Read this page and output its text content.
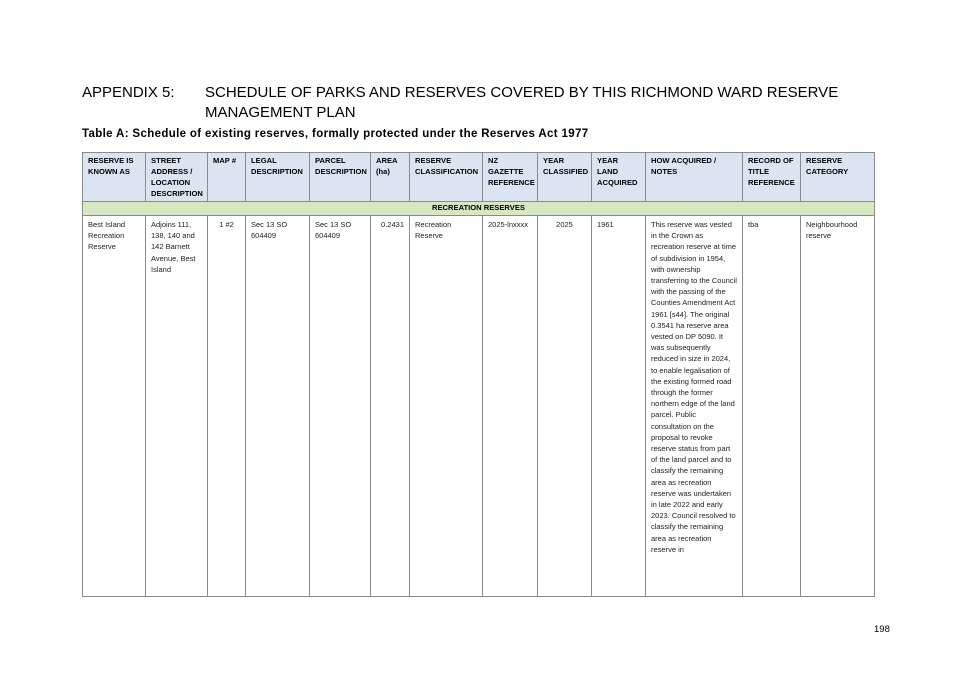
APPENDIX 5: SCHEDULE OF PARKS AND RESERVES COVERED BY THIS RICHMOND WARD RESERVE MANAGEMENT PLAN
Table A: Schedule of existing reserves, formally protected under the Reserves Act 1977
RESERVE IS KNOWN AS	STREET ADDRESS / LOCATION DESCRIPTION	MAP #	LEGAL DESCRIPTION	PARCEL DESCRIPTION	AREA (ha)	RESERVE CLASSIFICATION	NZ GAZETTE REFERENCE	YEAR CLASSIFIED	YEAR LAND ACQUIRED	HOW ACQUIRED / NOTES	RECORD OF TITLE REFERENCE	RESERVE CATEGORY
RECREATION RESERVES												
Best Island Recreation Reserve	Adjoins 111, 138, 140 and 142 Barnett Avenue, Best Island	1 #2	Sec 13 SO 604409	Sec 13 SO 604409	0.2431	Recreation Reserve	2025-lnxxxx	2025	1961	This reserve was vested in the Crown as recreation reserve at time of subdivision in 1954, with ownership transferring to the Council with the passing of the Counties Amendment Act 1961 [s44]. The original 0.3541 ha reserve area vested on DP 5090. It was subsequently reduced in size in 2024, to enable legalisation of the existing formed road through the former northern edge of the land parcel. Public consultation on the proposal to revoke reserve status from part of the land parcel and to classify the remaining area as recreation reserve was undertaken in late 2022 and early 2023. Council resolved to classify the remaining area as recreation reserve in	tba	Neighbourhood reserve
198
